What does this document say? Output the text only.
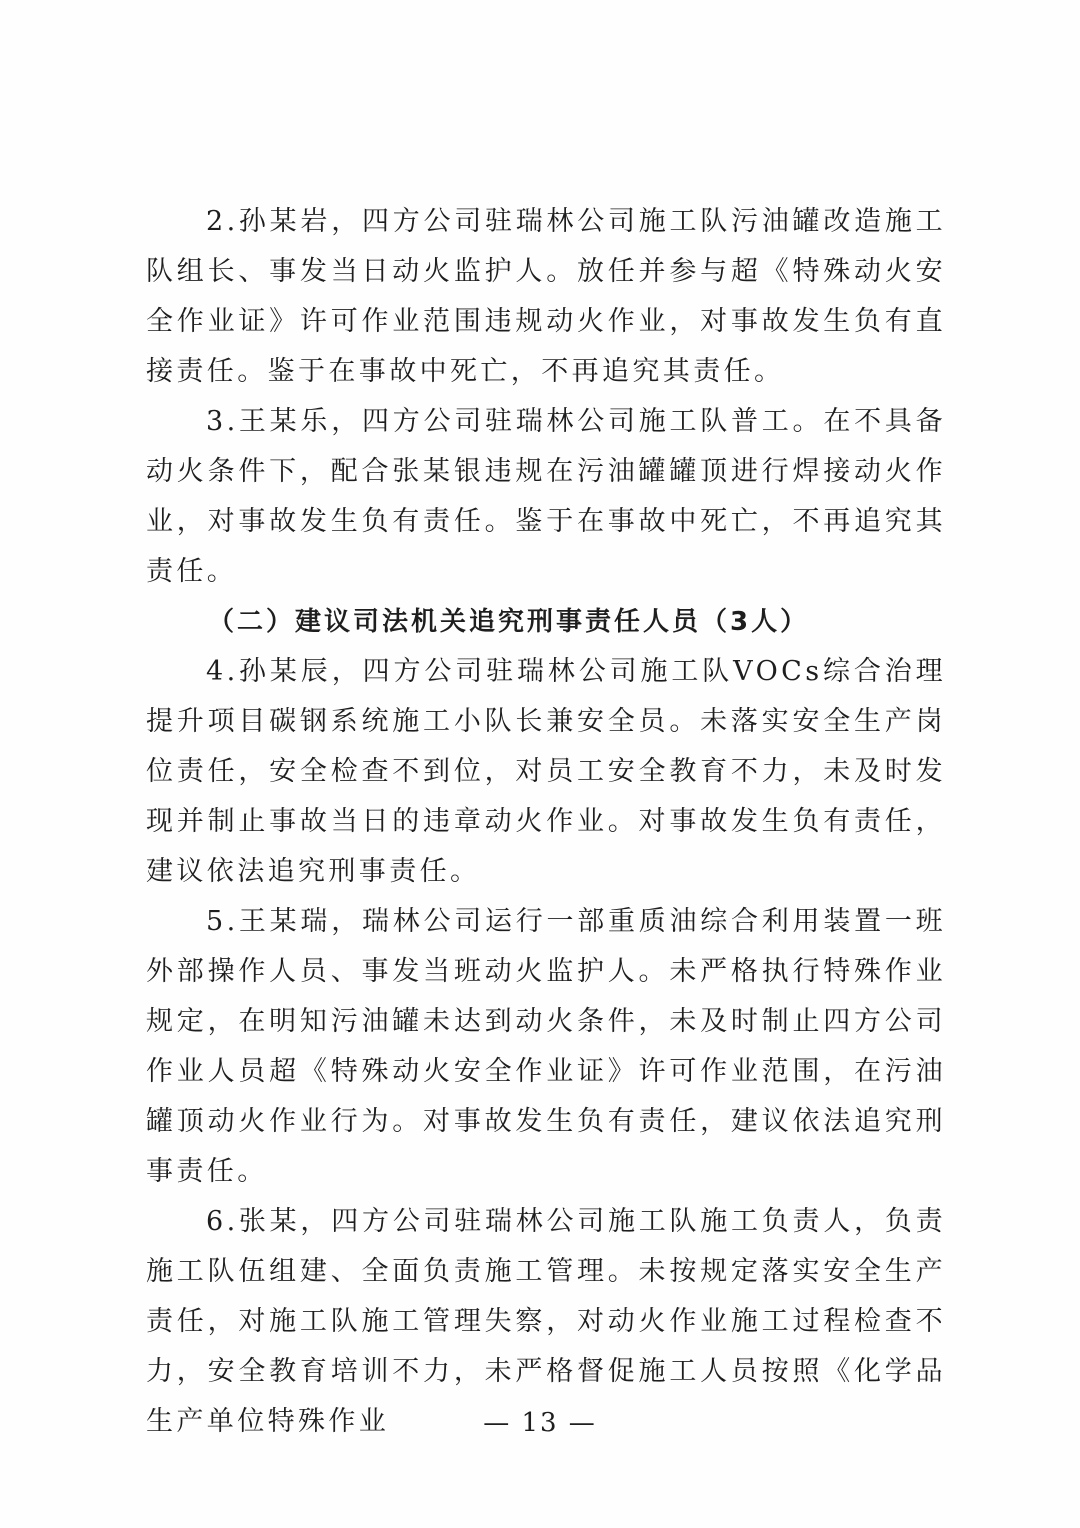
2.孙某岩，四方公司驻瑞林公司施工队污油罐改造施工队组长、事发当日动火监护人。放任并参与超《特殊动火安全作业证》许可作业范围违规动火作业，对事故发生负有直接责任。鉴于在事故中死亡，不再追究其责任。

3.王某乐，四方公司驻瑞林公司施工队普工。在不具备动火条件下，配合张某银违规在污油罐罐顶进行焊接动火作业，对事故发生负有责任。鉴于在事故中死亡，不再追究其责任。

（二）建议司法机关追究刑事责任人员（3人）

4.孙某辰，四方公司驻瑞林公司施工队VOCs综合治理提升项目碳钢系统施工小队长兼安全员。未落实安全生产岗位责任，安全检查不到位，对员工安全教育不力，未及时发现并制止事故当日的违章动火作业。对事故发生负有责任，建议依法追究刑事责任。

5.王某瑞，瑞林公司运行一部重质油综合利用装置一班外部操作人员、事发当班动火监护人。未严格执行特殊作业规定，在明知污油罐未达到动火条件，未及时制止四方公司作业人员超《特殊动火安全作业证》许可作业范围，在污油罐顶动火作业行为。对事故发生负有责任，建议依法追究刑事责任。

6.张某，四方公司驻瑞林公司施工队施工负责人，负责施工队伍组建、全面负责施工管理。未按规定落实安全生产责任，对施工队施工管理失察，对动火作业施工过程检查不力，安全教育培训不力，未严格督促施工人员按照《化学品生产单位特殊作业	— 13 —
